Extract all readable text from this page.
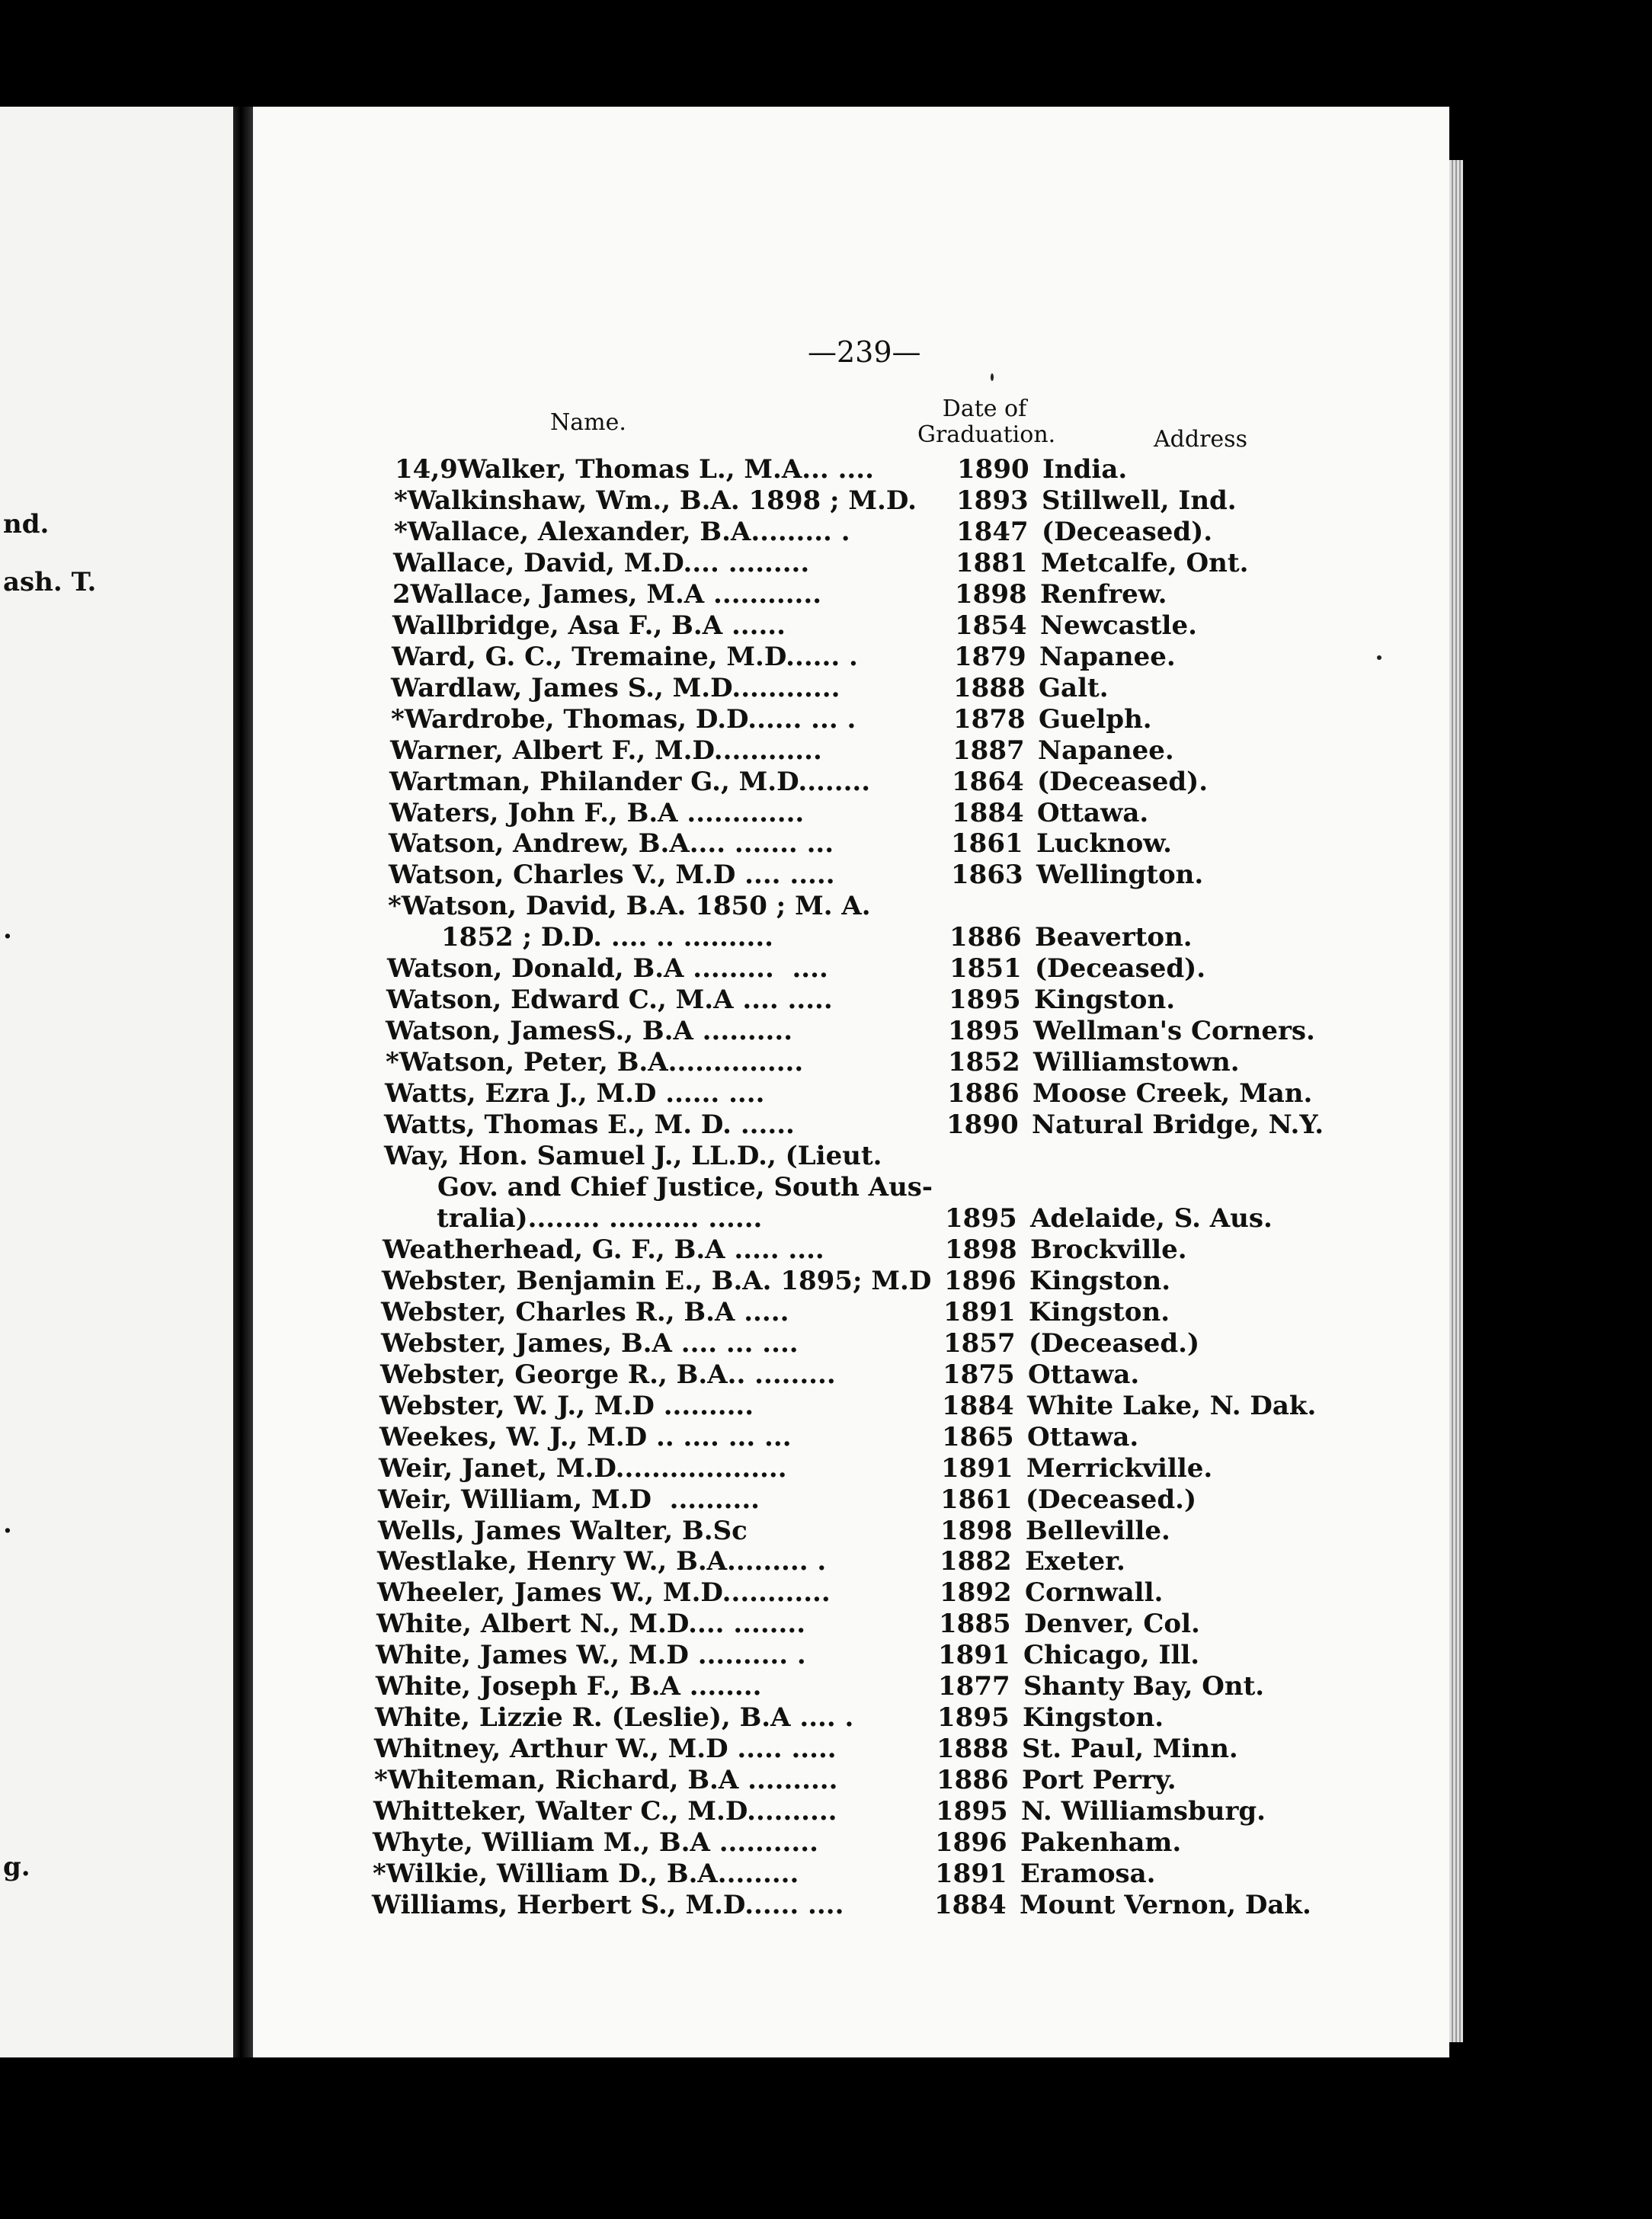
nd.
ash. T.
.
.
g.
—239—
Name.
Date of
Graduation.	Address
14,9Walker, Thomas L., M.A... ....	1890 India.
*Walkinshaw, Wm., B.A. 1898 ; M.D. 1893 Stillwell, Ind.
*Wallace, Alexander, B.A......... .	1847 (Deceased).
Wallace, David, M.D.... .........	1881 Metcalfe, Ont.
2Wallace, James, M.A ............	1898 Renfrew.
Wallbridge, Asa F., B.A ......	1854 Newcastle.
Ward, G. C., Tremaine, M.D...... .	1879 Napanee.
Wardlaw, James S., M.D............	1888 Galt.
*Wardrobe, Thomas, D.D...... ... .	1878 Guelph.
Warner, Albert F., M.D............	1887 Napanee.
Wartman, Philander G., M.D........	1864 (Deceased).
Waters, John F., B.A .............	1884 Ottawa.
Watson, Andrew, B.A.... ....... ...	1861 Lucknow.
Watson, Charles V., M.D .... .....	1863 Wellington.
*Watson, David, B.A. 1850 ; M. A.
1852 ; D.D. .... .. ..........	1886 Beaverton.
Watson, Donald, B.A .........  ....	1851 (Deceased).
Watson, Edward C., M.A .... .....	1895 Kingston.
Watson, JamesS., B.A ..........	1895 Wellman's Corners.
*Watson, Peter, B.A...............	1852 Williamstown.
Watts, Ezra J., M.D ...... ....	1886 Moose Creek, Man.
Watts, Thomas E., M. D. ......	1890 Natural Bridge, N.Y.
Way, Hon. Samuel J., LL.D., (Lieut.
Gov. and Chief Justice, South Aus-
tralia)........ .......... ......	1895 Adelaide, S. Aus.
Weatherhead, G. F., B.A ..... ....	1898 Brockville.
Webster, Benjamin E., B.A. 1895; M.D 1896 Kingston.
Webster, Charles R., B.A .....	1891 Kingston.
Webster, James, B.A .... ... ....	1857 (Deceased.)
Webster, George R., B.A.. .........	1875 Ottawa.
Webster, W. J., M.D ..........	1884 White Lake, N. Dak.
Weekes, W. J., M.D .. .... ... ...	1865 Ottawa.
Weir, Janet, M.D...................	1891 Merrickville.
Weir, William, M.D  ..........	1861 (Deceased.)
Wells, James Walter, B.Sc	1898 Belleville.
Westlake, Henry W., B.A......... .	1882 Exeter.
Wheeler, James W., M.D............	1892 Cornwall.
White, Albert N., M.D.... ........	1885 Denver, Col.
White, James W., M.D .......... .	1891 Chicago, Ill.
White, Joseph F., B.A ........	1877 Shanty Bay, Ont.
White, Lizzie R. (Leslie), B.A .... .	1895 Kingston.
Whitney, Arthur W., M.D ..... .....	1888 St. Paul, Minn.
*Whiteman, Richard, B.A ..........	1886 Port Perry.
Whitteker, Walter C., M.D..........	1895 N. Williamsburg.
Whyte, William M., B.A ...........	1896 Pakenham.
*Wilkie, William D., B.A.........	1891 Eramosa.
Williams, Herbert S., M.D...... ....	1884 Mount Vernon, Dak.
